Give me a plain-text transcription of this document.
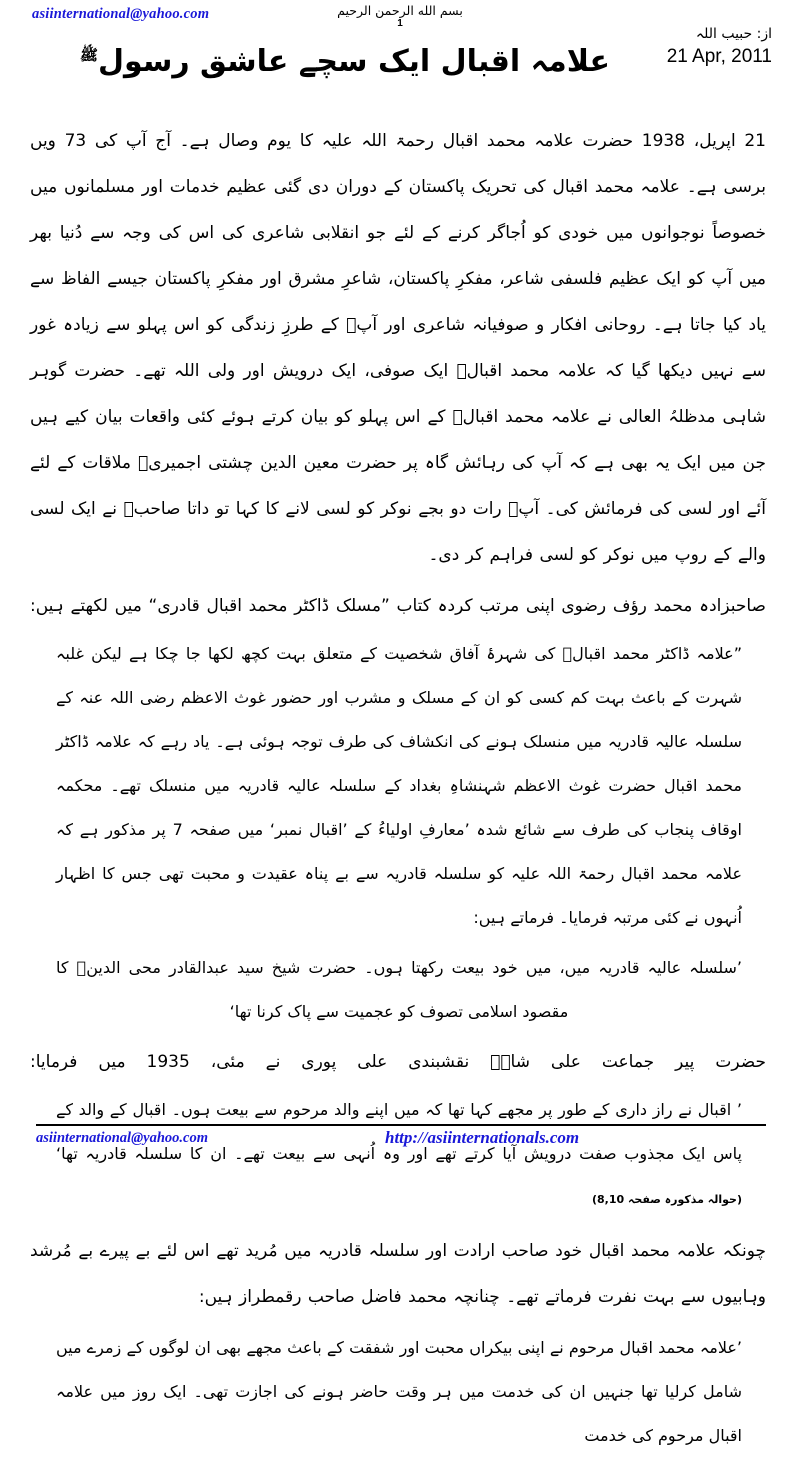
asiinternational@yahoo.com	بسم الله الرحمن الرحيم
1
از: حبیب اللہ
21 Apr, 2011
علامہ اقبال ایک سچے عاشق رسول$^ﷺ$

21 اپریل، 1938 حضرت علامہ محمد اقبال رحمۃ اللہ علیہ کا یوم وصال ہے۔ آج آپ کی 73 ویں برسی ہے۔ علامہ محمد اقبال کی تحریک پاکستان کے دوران دی گئی عظیم خدمات اور مسلمانوں میں خصوصاً نوجوانوں میں خودی کو اُجاگر کرنے کے لئے جو انقلابی شاعری کی اس کی وجہ سے دُنیا بھر میں آپ کو ایک عظیم فلسفی شاعر، مفکرِ پاکستان، شاعرِ مشرق اور مفکرِ پاکستان جیسے الفاظ سے یاد کیا جاتا ہے۔ روحانی افکار و صوفیانہ شاعری اور آپؒ کے طرزِ زندگی کو اس پہلو سے زیادہ غور سے نہیں دیکھا گیا کہ علامہ محمد اقبالؒ ایک صوفی، ایک درویش اور ولی اللہ تھے۔ حضرت گوہر شاہی مدظلہُ العالی نے علامہ محمد اقبالؒ کے اس پہلو کو بیان کرتے ہوئے کئی واقعات بیان کیے ہیں جن میں ایک یہ بھی ہے کہ آپ کی رہائش گاہ پر حضرت معین الدین چشتی اجمیریؒ ملاقات کے لئے آئے اور لسی کی فرمائش کی۔ آپؒ رات دو بجے نوکر کو لسی لانے کا کہا تو داتا صاحبؒ نے ایک لسی والے کے روپ میں نوکر کو لسی فراہم کر دی۔

صاحبزادہ محمد رؤف رضوی اپنی مرتب کردہ کتاب ”مسلک ڈاکٹر محمد اقبال قادری“ میں لکھتے ہیں:

”علامہ ڈاکٹر محمد اقبالؒ کی شہرۂ آفاق شخصیت کے متعلق بہت کچھ لکھا جا چکا ہے لیکن غلبہ شہرت کے باعث بہت کم کسی کو ان کے مسلک و مشرب اور حضور غوث الاعظم رضی اللہ عنہ کے سلسلہ عالیہ قادریہ میں منسلک ہونے کی انکشاف کی طرف توجہ ہوئی ہے۔ یاد رہے کہ علامہ ڈاکٹر محمد اقبال حضرت غوث الاعظم شہنشاہِ بغداد کے سلسلہ عالیہ قادریہ میں منسلک تھے۔ محکمہ اوقاف پنجاب کی طرف سے شائع شدہ ’معارفِ اولیاءُ کے ’اقبال نمبر‘ میں صفحہ 7 پر مذکور ہے کہ علامہ محمد اقبال رحمۃ اللہ علیہ کو سلسلہ قادریہ سے بے پناہ عقیدت و محبت تھی جس کا اظہار اُنہوں نے کئی مرتبہ فرمایا۔ فرماتے ہیں:

’سلسلہ عالیہ قادریہ میں، میں خود بیعت رکھتا ہوں۔ حضرت شیخ سید عبدالقادر محی الدینؒ کا مقصود اسلامی تصوف کو عجمیت سے پاک کرنا تھا‘

حضرت پیر جماعت علی شاہؒ نقشبندی علی پوری نے مئی، 1935 میں فرمایا:

’ اقبال نے راز داری کے طور پر مجھے کہا تھا کہ میں اپنے والد مرحوم سے بیعت ہوں۔ اقبال کے والد کے پاس ایک مجذوب صفت درویش آیا کرتے تھے اور وہ اُنہی سے بیعت تھے۔ ان کا سلسلہ قادریہ تھا‘ (حوالہ مذکورہ صفحہ 8,10)

چونکہ علامہ محمد اقبال خود صاحب ارادت اور سلسلہ قادریہ میں مُرید تھے اس لئے بے پیرے بے مُرشد وہابیوں سے بہت نفرت فرماتے تھے۔ چنانچہ محمد فاضل صاحب رقمطراز ہیں:

’علامہ محمد اقبال مرحوم نے اپنی بیکراں محبت اور شفقت کے باعث مجھے بھی ان لوگوں کے زمرے میں شامل کرلیا تھا جنہیں ان کی خدمت میں ہر وقت حاضر ہونے کی اجازت تھی۔ ایک روز میں علامہ اقبال مرحوم کی خدمت

asiinternational@yahoo.com	http://asiinternationals.com
